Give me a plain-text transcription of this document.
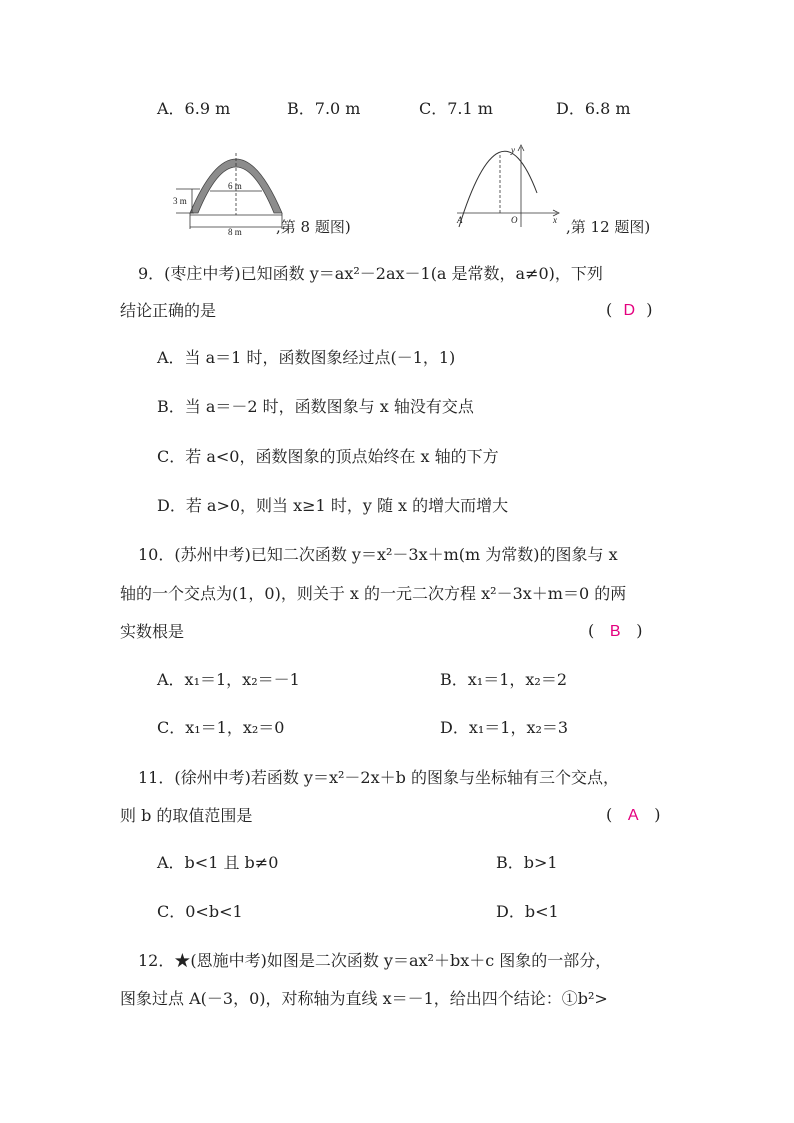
A．6.9 m	B．7.0 m	C．7.1 m	D．6.8 m
6 m
3 m
8 m ,第 8 题图)
y
x
O
A	,第 12 题图)
9．(枣庄中考)已知函数 y＝ax²－2ax－1(a 是常数，a≠0)，下列
结论正确的是	( D )
A．当 a＝1 时，函数图象经过点(－1，1)
B．当 a＝－2 时，函数图象与 x 轴没有交点
C．若 a<0，函数图象的顶点始终在 x 轴的下方
D．若 a>0，则当 x≥1 时，y 随 x 的增大而增大
10．(苏州中考)已知二次函数 y＝x²－3x＋m(m 为常数)的图象与 x
轴的一个交点为(1，0)，则关于 x 的一元二次方程 x²－3x＋m＝0 的两
实数根是	( B )
A．x₁＝1，x₂＝－1	B．x₁＝1，x₂＝2
C．x₁＝1，x₂＝0	D．x₁＝1，x₂＝3
11．(徐州中考)若函数 y＝x²－2x＋b 的图象与坐标轴有三个交点，
则 b 的取值范围是	( A )
A．b<1 且 b≠0	B．b>1
C．0<b<1	D．b<1
12．★(恩施中考)如图是二次函数 y＝ax²＋bx＋c 图象的一部分，
图象过点 A(－3，0)，对称轴为直线 x＝－1，给出四个结论：①b²>
